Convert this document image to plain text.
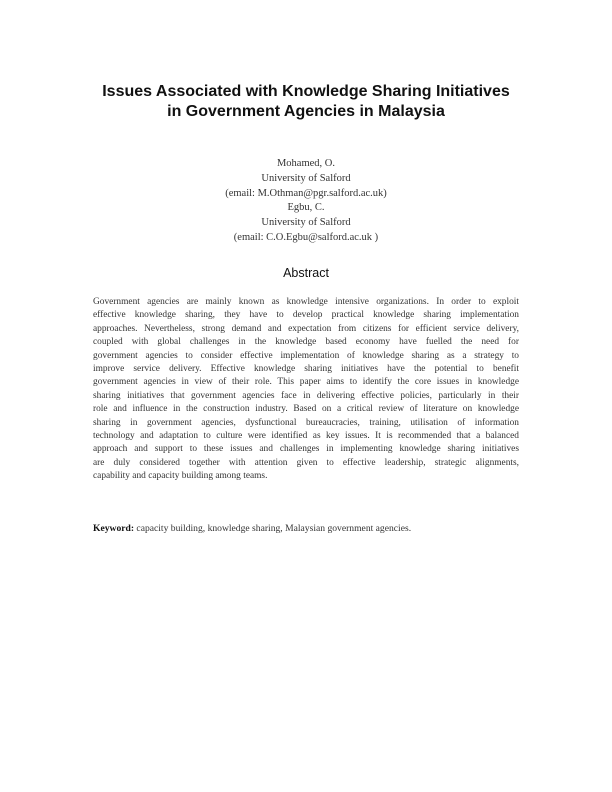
Issues Associated with Knowledge Sharing Initiatives
in Government Agencies in Malaysia
Mohamed, O.
University of Salford
(email: M.Othman@pgr.salford.ac.uk)
Egbu, C.
University of Salford
(email: C.O.Egbu@salford.ac.uk )
Abstract
Government agencies are mainly known as knowledge intensive organizations. In order to exploit
effective knowledge sharing, they have to develop practical knowledge sharing implementation
approaches. Nevertheless, strong demand and expectation from citizens for efficient service delivery,
coupled with global challenges in the knowledge based economy have fuelled the need for
government agencies to consider effective implementation of knowledge sharing as a strategy to
improve service delivery. Effective knowledge sharing initiatives have the potential to benefit
government agencies in view of their role. This paper aims to identify the core issues in knowledge
sharing initiatives that government agencies face in delivering effective policies, particularly in their
role and influence in the construction industry. Based on a critical review of literature on knowledge
sharing in government agencies, dysfunctional bureaucracies, training, utilisation of information
technology and adaptation to culture were identified as key issues. It is recommended that a balanced
approach and support to these issues and challenges in implementing knowledge sharing initiatives
are duly considered together with attention given to effective leadership, strategic alignments,
capability and capacity building among teams.
Keyword: capacity building, knowledge sharing, Malaysian government agencies.
